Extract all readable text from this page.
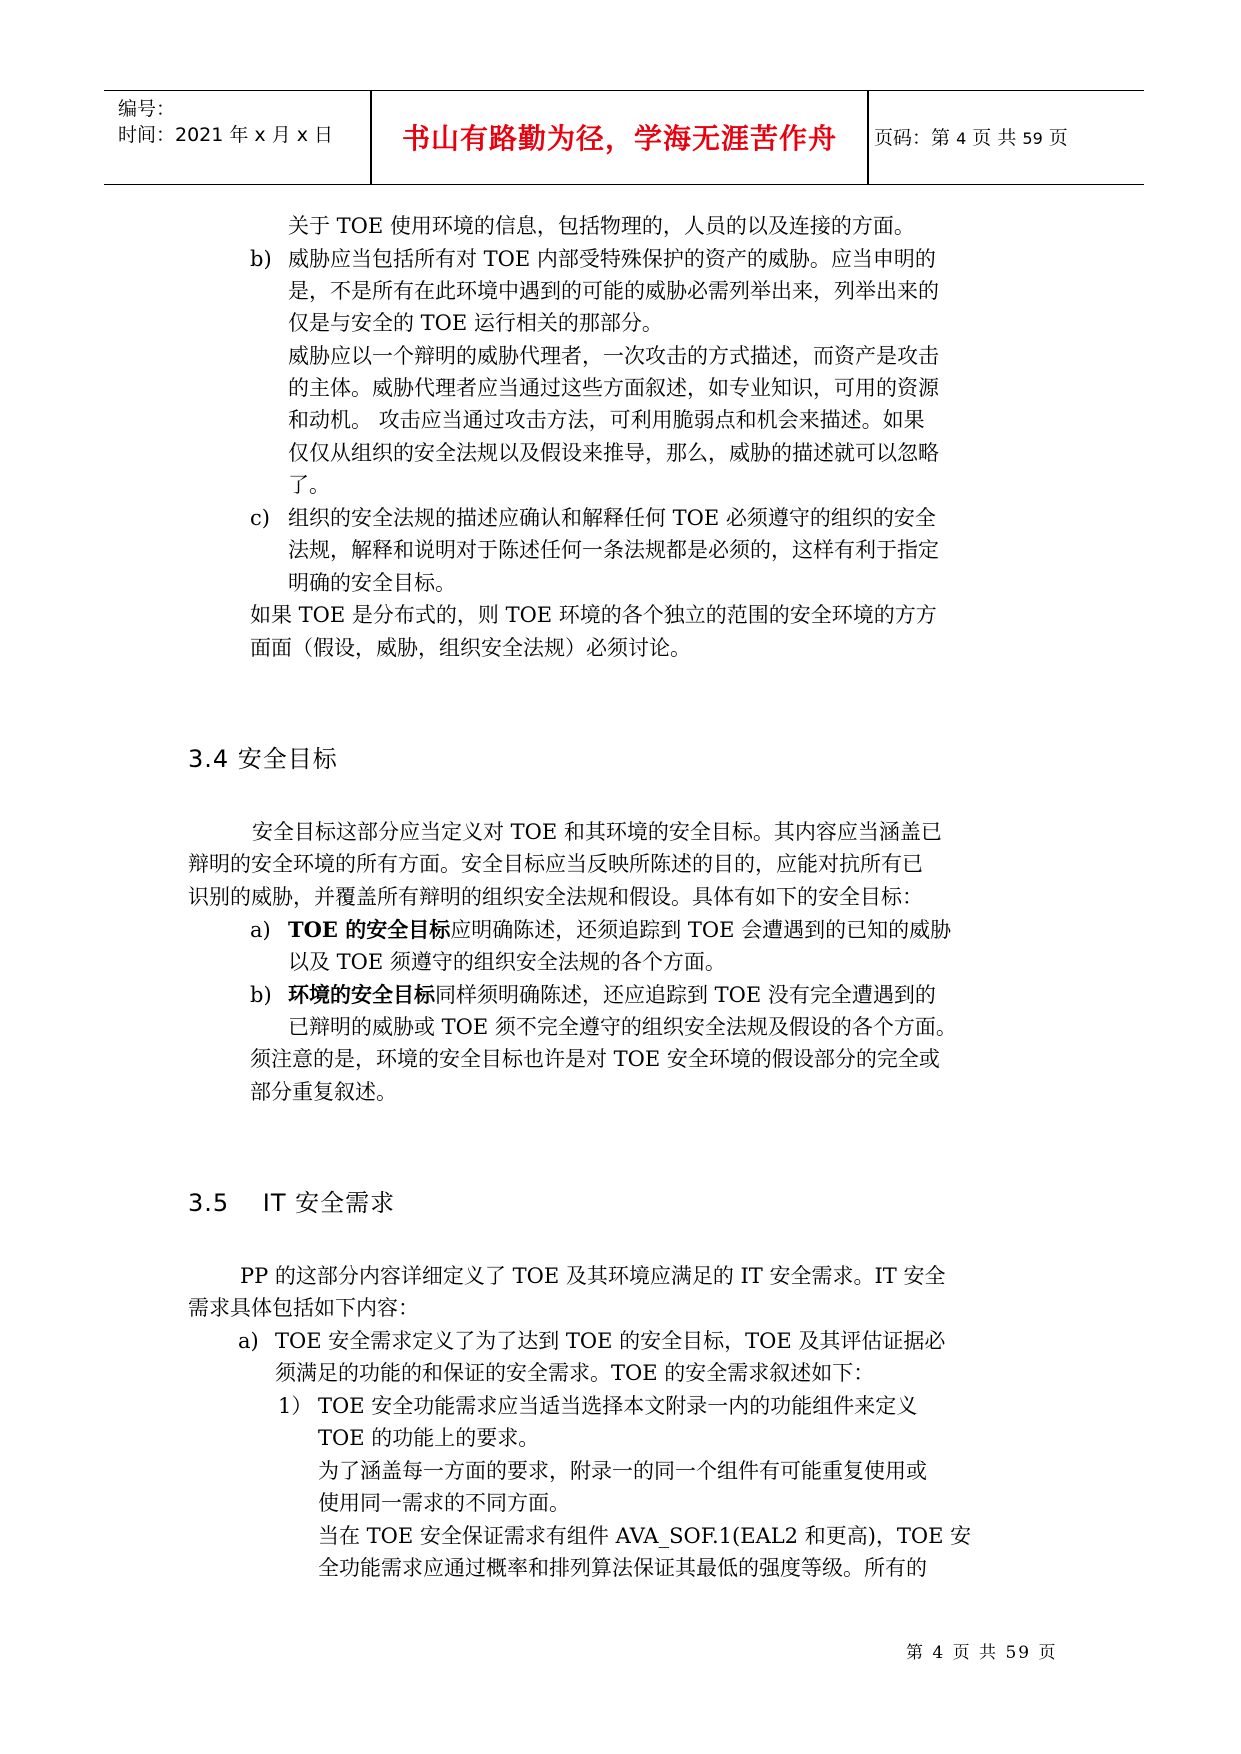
编号：
时间：2021 年 x 月 x 日	书山有路勤为径，学海无涯苦作舟	页码：第 4 页 共 59 页
关于 TOE 使用环境的信息，包括物理的，人员的以及连接的方面。
b) 威胁应当包括所有对 TOE 内部受特殊保护的资产的威胁。应当申明的
是，不是所有在此环境中遇到的可能的威胁必需列举出来，列举出来的
仅是与安全的 TOE 运行相关的那部分。
威胁应以一个辩明的威胁代理者，一次攻击的方式描述，而资产是攻击
的主体。威胁代理者应当通过这些方面叙述，如专业知识，可用的资源
和动机。 攻击应当通过攻击方法，可利用脆弱点和机会来描述。如果
仅仅从组织的安全法规以及假设来推导，那么，威胁的描述就可以忽略
了。
c) 组织的安全法规的描述应确认和解释任何 TOE 必须遵守的组织的安全
法规，解释和说明对于陈述任何一条法规都是必须的，这样有利于指定
明确的安全目标。
如果 TOE 是分布式的，则 TOE 环境的各个独立的范围的安全环境的方方
面面（假设，威胁，组织安全法规）必须讨论。
3.4 安全目标
安全目标这部分应当定义对 TOE 和其环境的安全目标。其内容应当涵盖已
辩明的安全环境的所有方面。安全目标应当反映所陈述的目的，应能对抗所有已
识别的威胁，并覆盖所有辩明的组织安全法规和假设。具体有如下的安全目标：
a) TOE 的安全目标应明确陈述，还须追踪到 TOE 会遭遇到的已知的威胁
以及 TOE 须遵守的组织安全法规的各个方面。
b) 环境的安全目标同样须明确陈述，还应追踪到 TOE 没有完全遭遇到的
已辩明的威胁或 TOE 须不完全遵守的组织安全法规及假设的各个方面。
须注意的是，环境的安全目标也许是对 TOE 安全环境的假设部分的完全或
部分重复叙述。
3.5　 IT 安全需求
PP 的这部分内容详细定义了 TOE 及其环境应满足的 IT 安全需求。IT 安全
需求具体包括如下内容：
a) TOE 安全需求定义了为了达到 TOE 的安全目标，TOE 及其评估证据必
须满足的功能的和保证的安全需求。TOE 的安全需求叙述如下：
1） TOE 安全功能需求应当适当选择本文附录一内的功能组件来定义
TOE 的功能上的要求。
为了涵盖每一方面的要求，附录一的同一个组件有可能重复使用或
使用同一需求的不同方面。
当在 TOE 安全保证需求有组件 AVA_SOF.1(EAL2 和更高)，TOE 安
全功能需求应通过概率和排列算法保证其最低的强度等级。所有的
第 4 页 共 59 页
